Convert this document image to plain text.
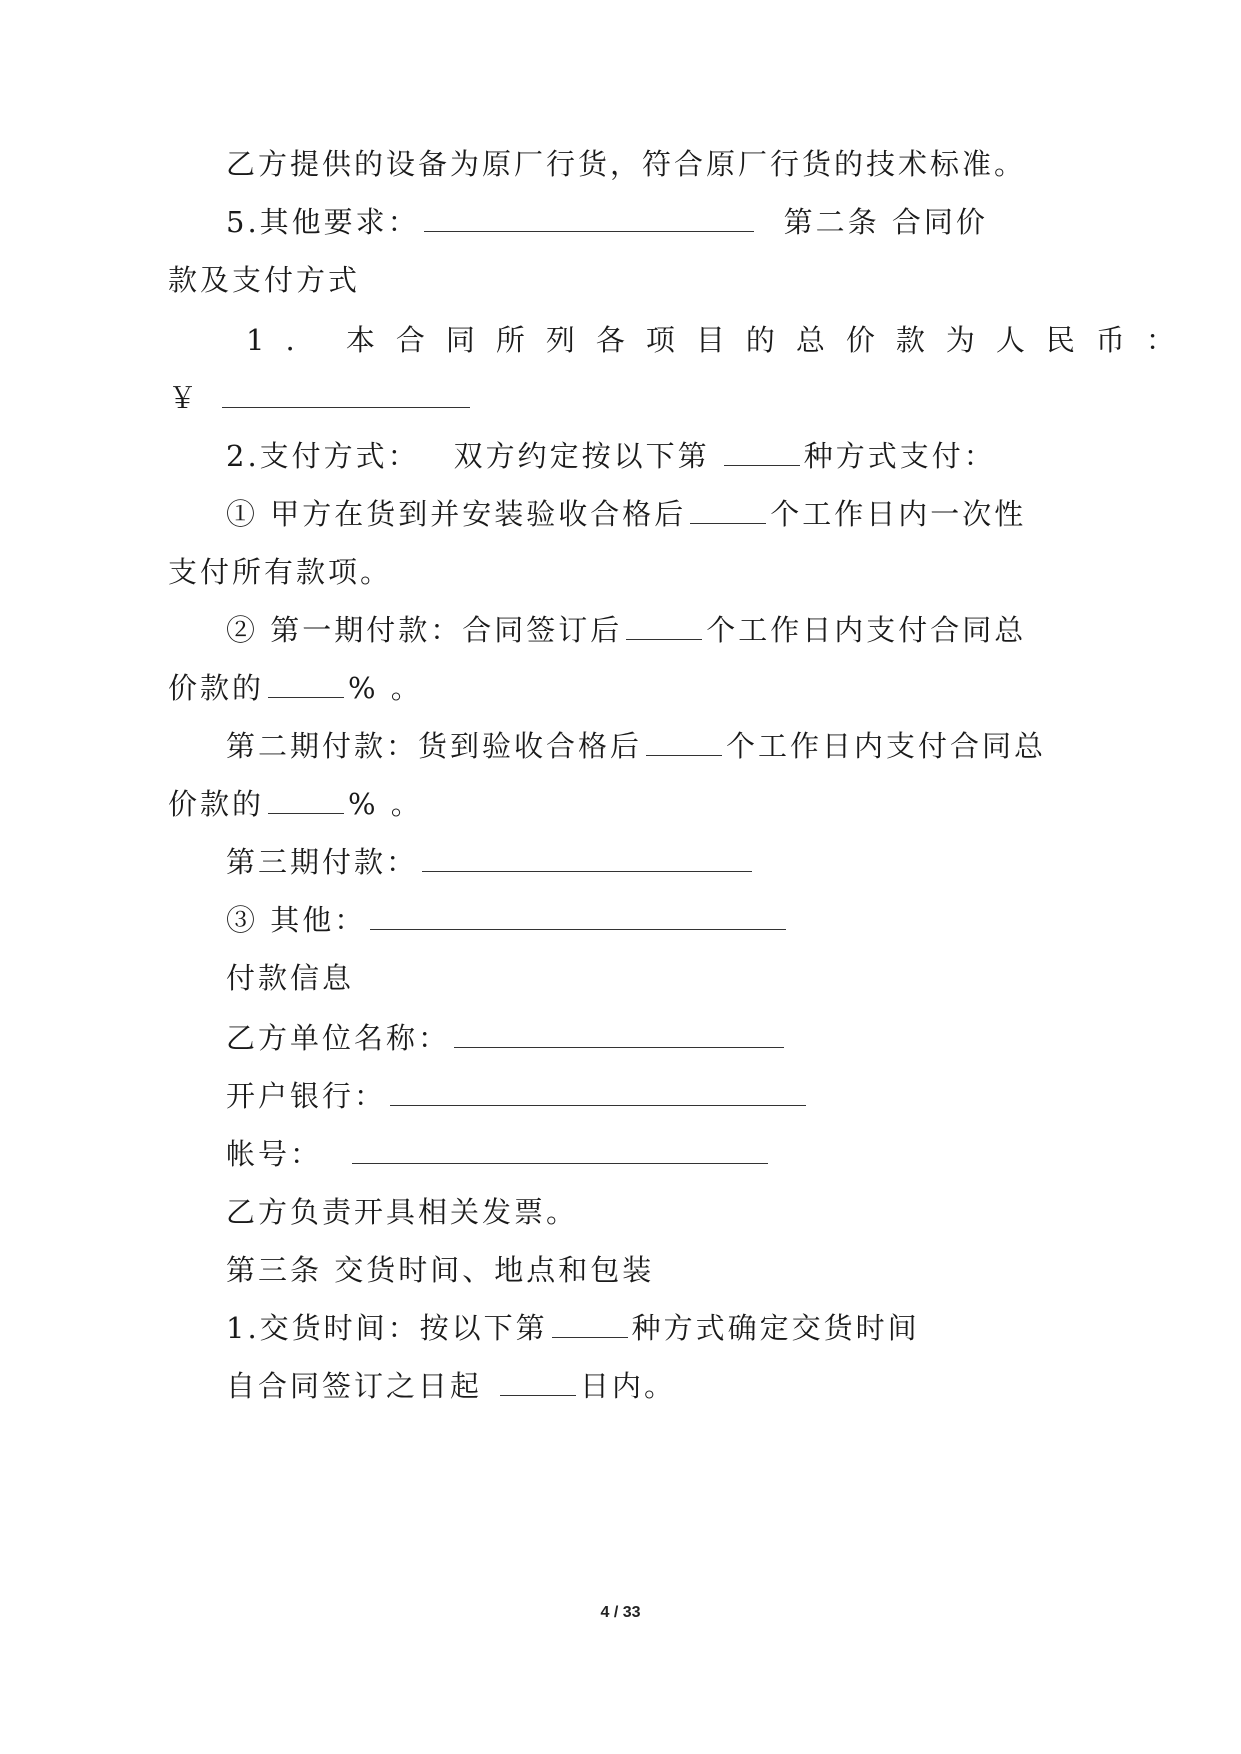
乙方提供的设备为原厂行货，符合原厂行货的技术标准。
5.其他要求：	第二条 合同价
款及支付方式
1. 本合同所列各项目的总价款为人民币：
￥
2.支付方式： 双方约定按以下第	种方式支付：
① 甲方在货到并安装验收合格后	个工作日内一次性
支付所有款项。
② 第一期付款：合同签订后	个工作日内支付合同总
价款的	% 。
第二期付款：货到验收合格后	个工作日内支付合同总
价款的	% 。
第三期付款：
③ 其他：
付款信息
乙方单位名称：
开户银行：
帐号：
乙方负责开具相关发票。
第三条 交货时间、地点和包装
1.交货时间：按以下第	种方式确定交货时间
自合同签订之日起	日内。
4 / 33
